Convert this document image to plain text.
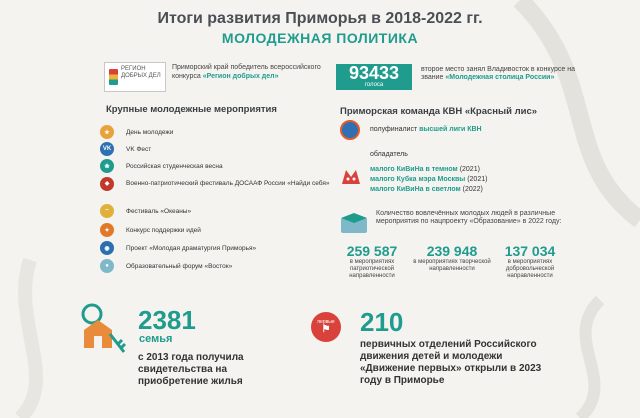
Итоги развития Приморья в 2018-2022 гг.
МОЛОДЕЖНАЯ ПОЛИТИКА
РЕГИОН ДОБРЫХ ДЕЛ
Приморский край победитель всероссийского конкурса «Регион добрых дел»
Крупные молодежные мероприятия
★	День молодежи
VK	VK Фест
❀	Российская студенческая весна
◆	Военно-патриотический фестиваль ДОСААФ России «Найди себя»
~	Фестиваль «Океаны»
✦	Конкурс поддержки идей
◉	Проект «Молодая драматургия Приморья»
●	Образовательный форум «Восток»
93433
голоса
второе место занял Владивосток в конкурсе на звание «Молодежная столица России»
Приморская команда КВН «Красный лис»
полуфиналист высшей лиги КВН
обладатель
малого КиВиНа в темном (2021)
малого Кубка мэра Москвы (2021)
малого КиВиНа в светлом (2022)
Количество вовлечённых молодых людей в различные мероприятия по нацпроекту «Образование» в 2022 году:
259 587
в мероприятиях патриотической направленности
239 948
в мероприятиях творческой направленности
137 034
в мероприятиях добровольческой направленности
2381
семья
с 2013 года получила свидетельства на приобретение жилья
первые
⚑ 210
первичных отделений Российского движения детей и молодежи «Движение первых» открыли в 2023 году в Приморье
